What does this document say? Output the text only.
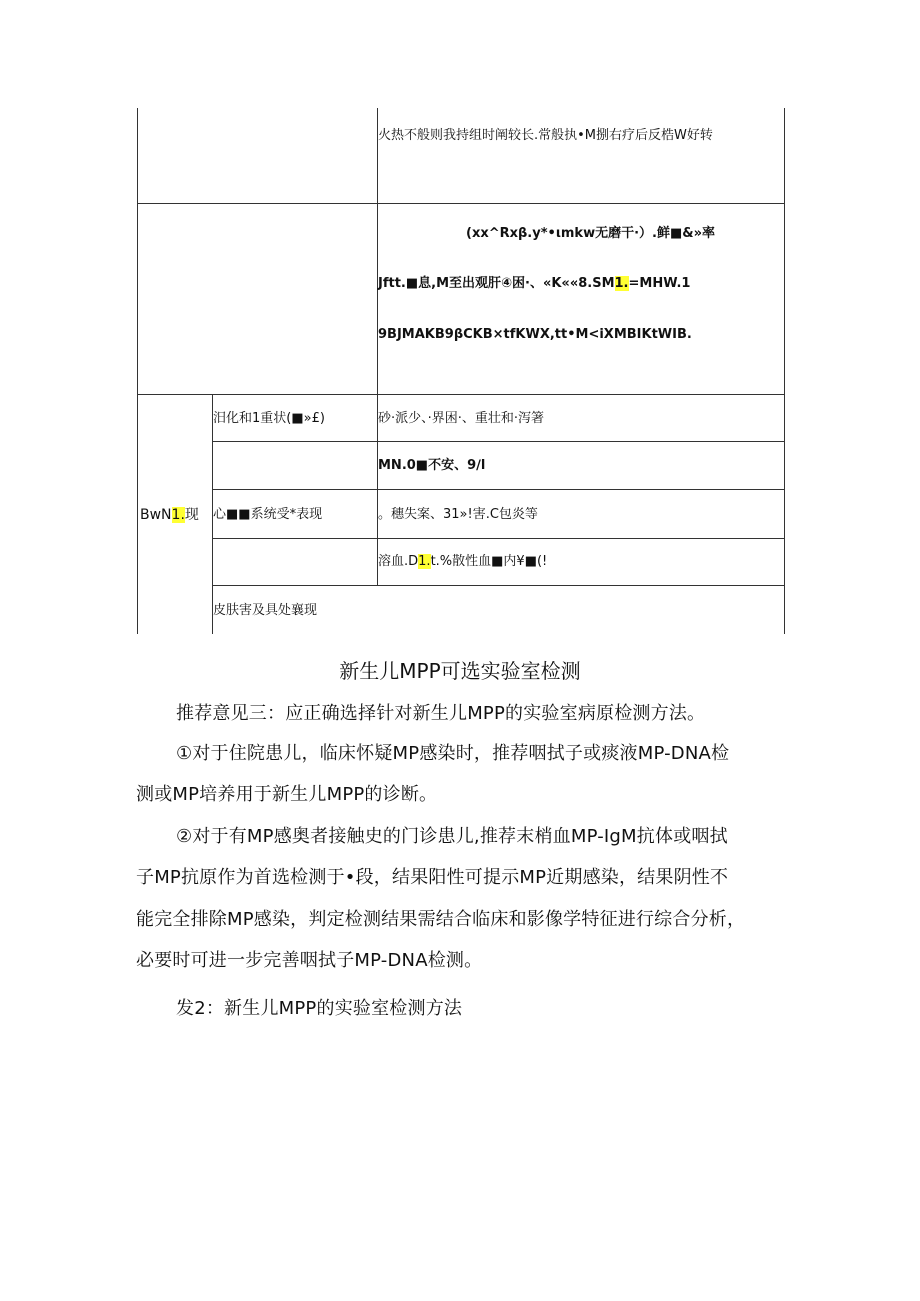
火热不般则我持组时阐较长.常般执•M捌右疗后反梏W好转
(xx^Rxβ.y*•ιmkw无磨干·）.鲜■&»率
Jftt.■息,M至出观肝④困·、«K««8.SM1.=MHW.1
9BJMAKB9βCKB×tfKWX,tt•M<iXMBIKtWIB.
BwN1.现
汨化和1重状(■»£)	砂·派少、·界困·、重壮和·泻箸
MN.0■不安、9∕l
心■■系统受*表现	。穗失案、31»!害.C包炎等
溶血.D1.t.%散性血■内¥■(!
皮肤害及具处襄现
新生儿MPP可选实验室检测
推荐意见三：应正确选择针对新生儿MPP的实验室病原检测方法。
①对于住院患儿，临床怀疑MP感染时，推荐咽拭子或痰液MP-DNA检
测或MP培养用于新生儿MPP的诊断。
②对于有MP感奥者接触史的门诊患儿,推荐末梢血MP-IgM抗体或咽拭
子MP抗原作为首选检测于•段，结果阳性可提示MP近期感染，结果阴性不
能完全排除MP感染，判定检测结果需结合临床和影像学特征进行综合分析，
必要时可进一步完善咽拭子MP-DNA检测。
发2：新生儿MPP的实验室检测方法
